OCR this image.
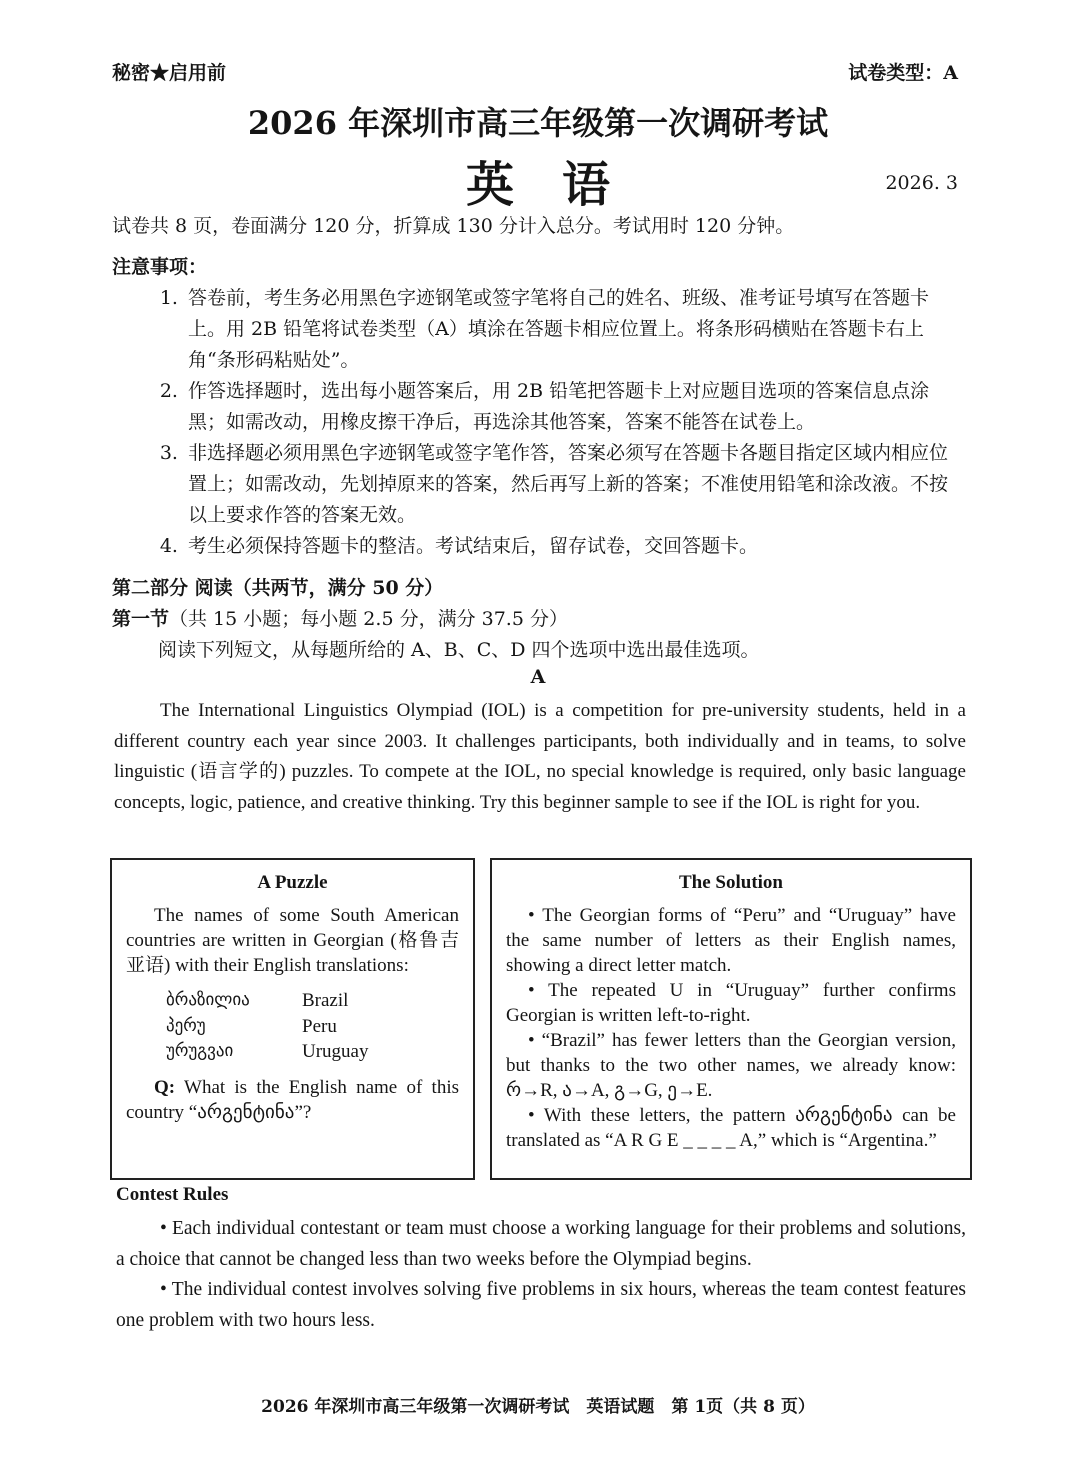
秘密★启用前	试卷类型：A
2026 年深圳市高三年级第一次调研考试
英语	2026. 3
试卷共 8 页，卷面满分 120 分，折算成 130 分计入总分。考试用时 120 分钟。
注意事项：
1. 答卷前，考生务必用黑色字迹钢笔或签字笔将自己的姓名、班级、准考证号填写在答题卡上。用 2B 铅笔将试卷类型（A）填涂在答题卡相应位置上。将条形码横贴在答题卡右上角“条形码粘贴处”。
2. 作答选择题时，选出每小题答案后，用 2B 铅笔把答题卡上对应题目选项的答案信息点涂黑；如需改动，用橡皮擦干净后，再选涂其他答案，答案不能答在试卷上。
3. 非选择题必须用黑色字迹钢笔或签字笔作答，答案必须写在答题卡各题目指定区域内相应位置上；如需改动，先划掉原来的答案，然后再写上新的答案；不准使用铅笔和涂改液。不按以上要求作答的答案无效。
4. 考生必须保持答题卡的整洁。考试结束后，留存试卷，交回答题卡。
第二部分 阅读（共两节，满分 50 分）
第一节（共 15 小题；每小题 2.5 分，满分 37.5 分）
阅读下列短文，从每题所给的 A、B、C、D 四个选项中选出最佳选项。
A

The International Linguistics Olympiad (IOL) is a competition for pre-university students, held in a different country each year since 2003. It challenges participants, both individually and in teams, to solve linguistic (语言学的) puzzles. To compete at the IOL, no special knowledge is required, only basic language concepts, logic, patience, and creative thinking. Try this beginner sample to see if the IOL is right for you.

A Puzzle

The names of some South American countries are written in Georgian (格鲁吉亚语) with their English translations:

ბრაზილია	Brazil
პერუ	Peru
ურუგვაი	Uruguay

Q: What is the English name of this country “არგენტინა”?

The Solution

• The Georgian forms of “Peru” and “Uruguay” have the same number of letters as their English names, showing a direct letter match.

• The repeated U in “Uruguay” further confirms Georgian is written left-to-right.

• “Brazil” has fewer letters than the Georgian version, but thanks to the two other names, we already know: რ→R, ა→A, გ→G, ე→E.

• With these letters, the pattern არგენტინა can be translated as “A R G E _ _ _ _ A,” which is “Argentina.”

Contest Rules

• Each individual contestant or team must choose a working language for their problems and solutions, a choice that cannot be changed less than two weeks before the Olympiad begins.

• The individual contest involves solving five problems in six hours, whereas the team contest features one problem with two hours less.

2026 年深圳市高三年级第一次调研考试　英语试题　第 1页（共 8 页）
